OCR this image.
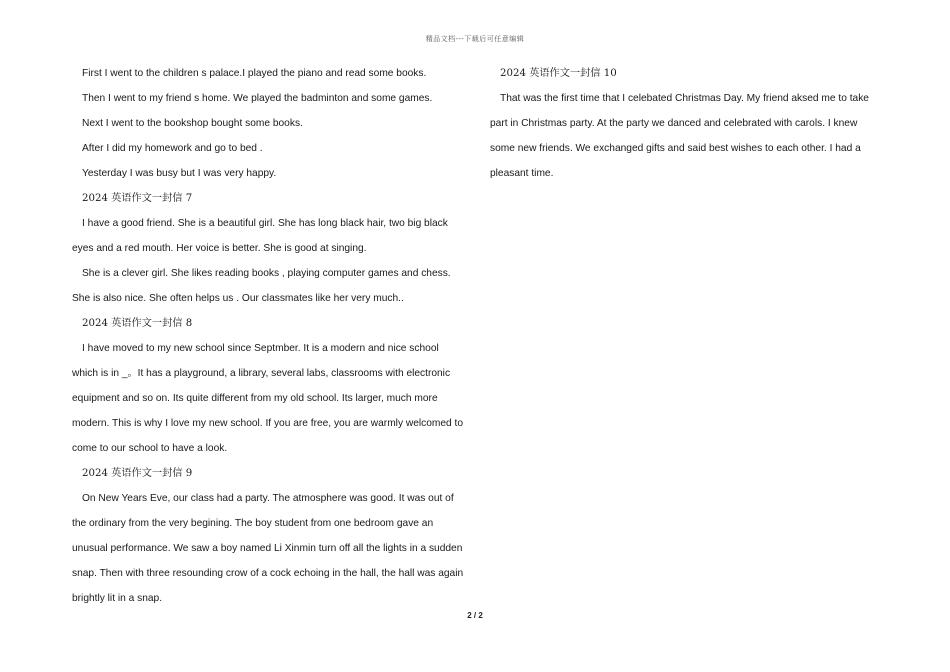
精品文档---下载后可任意编辑

First I went to the children s palace.I played the piano and read some books.

Then I went to my friend s home. We played the badminton and some games.

Next I went to the bookshop bought some books.

After I did my homework and go to bed .

Yesterday I was busy but I was very happy.

2024 英语作文一封信 7

I have a good friend. She is a beautiful girl. She has long black hair, two big black eyes and a red mouth. Her voice is better. She is good at singing.

She is a clever girl. She likes reading books , playing computer games and chess. She is also nice. She often helps us . Our classmates like her very much..

2024 英语作文一封信 8

I have moved to my new school since Septmber. It is a modern and nice school which is in _。It has a playground, a library, several labs, classrooms with electronic equipment and so on. Its quite different from my old school. Its larger, much more modern. This is why I love my new school. If you are free, you are warmly welcomed to come to our school to have a look.

2024 英语作文一封信 9

On New Years Eve, our class had a party. The atmosphere was good. It was out of the ordinary from the very begining. The boy student from one bedroom gave an unusual performance. We saw a boy named Li Xinmin turn off all the lights in a sudden snap. Then with three resounding crow of a cock echoing in the hall, the hall was again brightly lit in a snap.

2024 英语作文一封信 10

That was the first time that I celebated Christmas Day. My friend aksed me to take part in Christmas party. At the party we danced and celebrated with carols. I knew some new friends. We exchanged gifts and said best wishes to each other. I had a pleasant time.

2 / 2
